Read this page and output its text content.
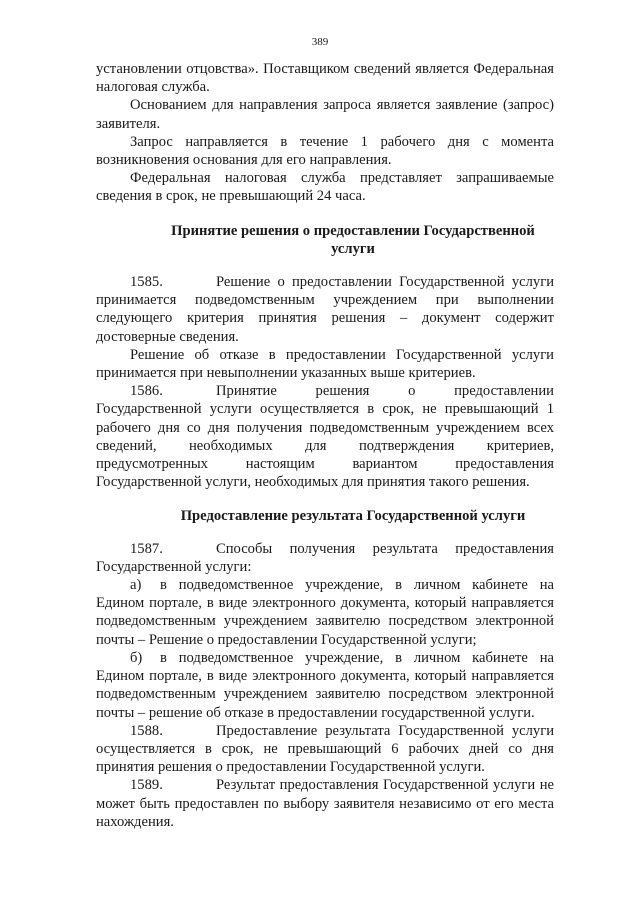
389

установлении отцовства». Поставщиком сведений является Федеральная налоговая служба.

Основанием для направления запроса является заявление (запрос) заявителя.

Запрос направляется в течение 1 рабочего дня с момента возникновения основания для его направления.

Федеральная налоговая служба представляет запрашиваемые сведения в срок, не превышающий 24 часа.

Принятие решения о предоставлении Государственной услуги

1585.	Решение о предоставлении Государственной услуги принимается подведомственным учреждением при выполнении следующего критерия принятия решения – документ содержит достоверные сведения.

Решение об отказе в предоставлении Государственной услуги принимается при невыполнении указанных выше критериев.

1586.	Принятие решения о предоставлении Государственной услуги осуществляется в срок, не превышающий 1 рабочего дня со дня получения подведомственным учреждением всех сведений, необходимых для подтверждения критериев, предусмотренных настоящим вариантом предоставления Государственной услуги, необходимых для принятия такого решения.

Предоставление результата Государственной услуги

1587.	Способы получения результата предоставления Государственной услуги:

а) в подведомственное учреждение, в личном кабинете на Едином портале, в виде электронного документа, который направляется подведомственным учреждением заявителю посредством электронной почты – Решение о предоставлении Государственной услуги;

б) в подведомственное учреждение, в личном кабинете на Едином портале, в виде электронного документа, который направляется подведомственным учреждением заявителю посредством электронной почты – решение об отказе в предоставлении государственной услуги.

1588.	Предоставление результата Государственной услуги осуществляется в срок, не превышающий 6 рабочих дней со дня принятия решения о предоставлении Государственной услуги.

1589.	Результат предоставления Государственной услуги не может быть предоставлен по выбору заявителя независимо от его места нахождения.
